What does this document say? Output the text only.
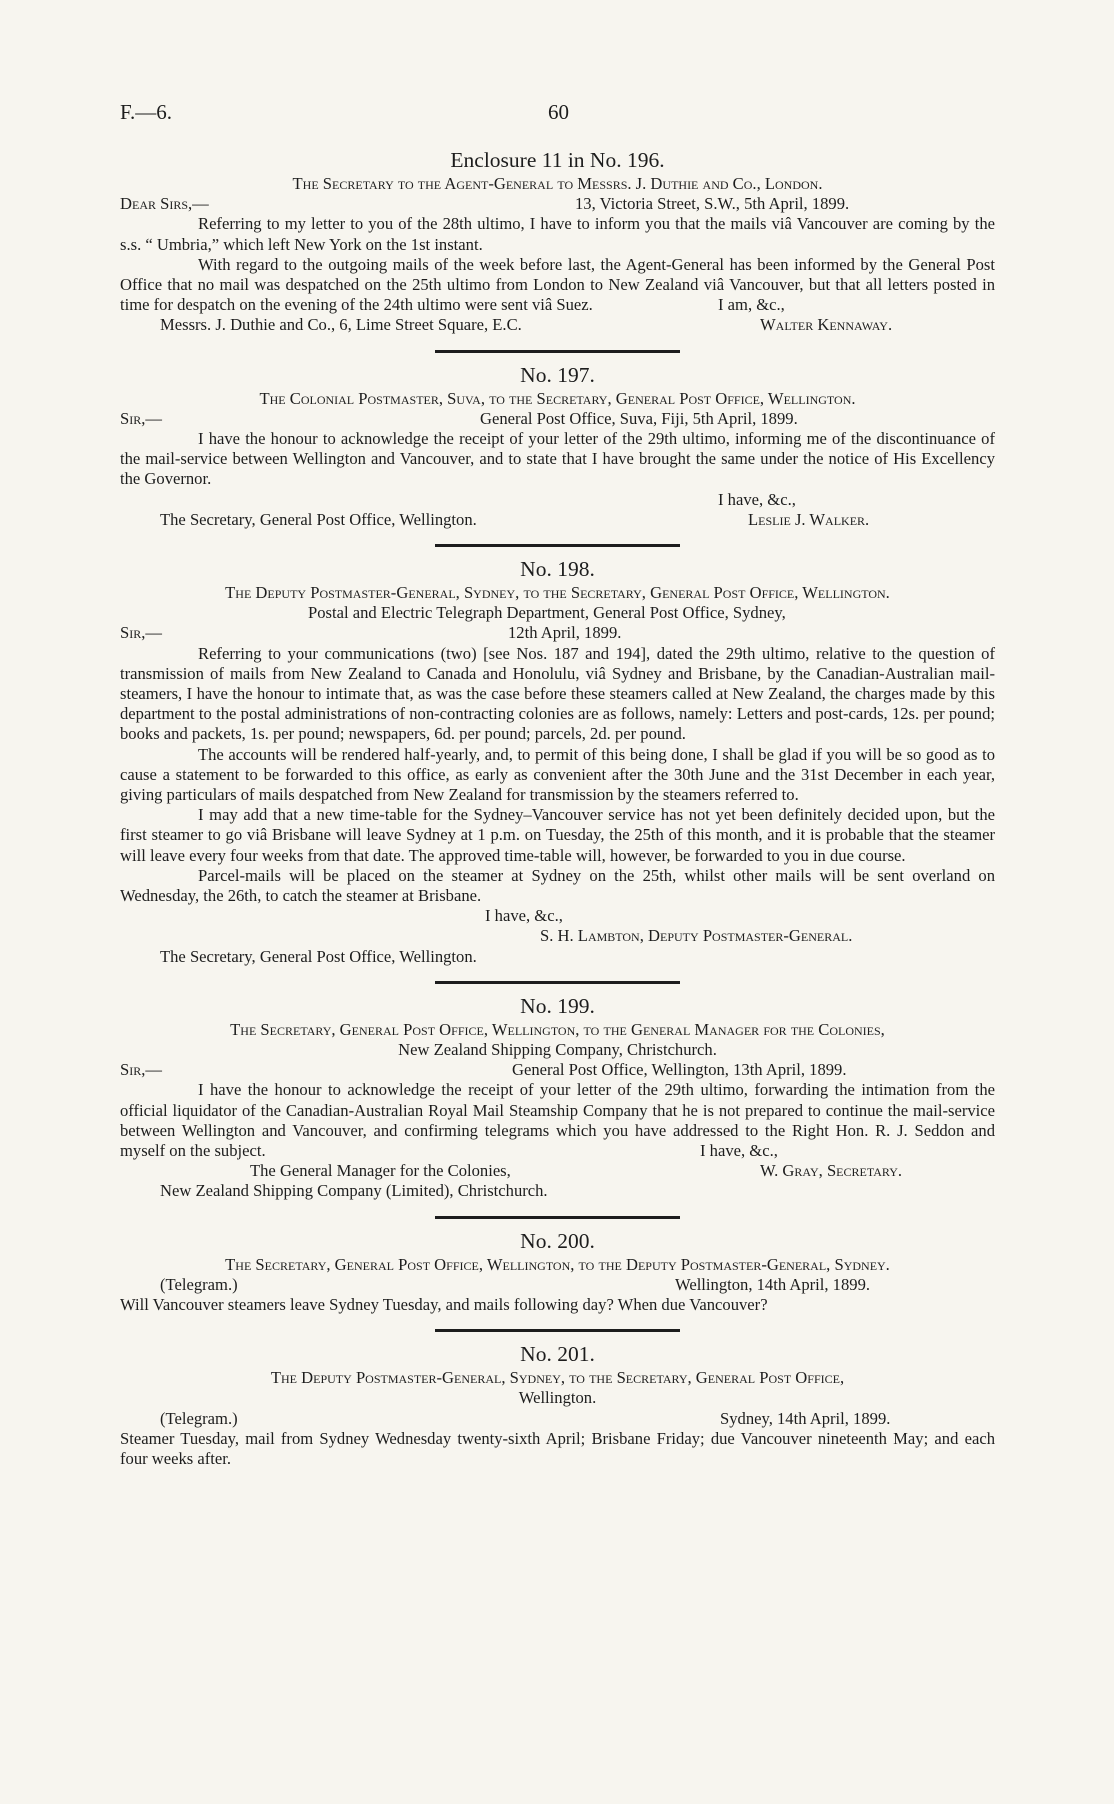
F.—6.	60
Enclosure 11 in No. 196.
The Secretary to the Agent-General to Messrs. J. Duthie and Co., London.
Dear Sirs,—	13, Victoria Street, S.W., 5th April, 1899.
Referring to my letter to you of the 28th ultimo, I have to inform you that the mails viâ Vancouver are coming by the s.s. “ Umbria,” which left New York on the 1st instant.
With regard to the outgoing mails of the week before last, the Agent-General has been informed by the General Post Office that no mail was despatched on the 25th ultimo from London to New Zealand viâ Vancouver, but that all letters posted in time for despatch on the evening of the 24th ultimo were sent viâ Suez.	I am, &c.,
Messrs. J. Duthie and Co., 6, Lime Street Square, E.C.	Walter Kennaway.
No. 197.
The Colonial Postmaster, Suva, to the Secretary, General Post Office, Wellington.
Sir,—	General Post Office, Suva, Fiji, 5th April, 1899.
I have the honour to acknowledge the receipt of your letter of the 29th ultimo, informing me of the discontinuance of the mail-service between Wellington and Vancouver, and to state that I have brought the same under the notice of His Excellency the Governor.
I have, &c.,
The Secretary, General Post Office, Wellington.	Leslie J. Walker.
No. 198.
The Deputy Postmaster-General, Sydney, to the Secretary, General Post Office, Wellington.
Postal and Electric Telegraph Department, General Post Office, Sydney,
Sir,—	12th April, 1899.
Referring to your communications (two) [see Nos. 187 and 194], dated the 29th ultimo, relative to the question of transmission of mails from New Zealand to Canada and Honolulu, viâ Sydney and Brisbane, by the Canadian-Australian mail-steamers, I have the honour to intimate that, as was the case before these steamers called at New Zealand, the charges made by this department to the postal administrations of non-contracting colonies are as follows, namely: Letters and post-cards, 12s. per pound; books and packets, 1s. per pound; newspapers, 6d. per pound; parcels, 2d. per pound.
The accounts will be rendered half-yearly, and, to permit of this being done, I shall be glad if you will be so good as to cause a statement to be forwarded to this office, as early as convenient after the 30th June and the 31st December in each year, giving particulars of mails despatched from New Zealand for transmission by the steamers referred to.
I may add that a new time-table for the Sydney–Vancouver service has not yet been definitely decided upon, but the first steamer to go viâ Brisbane will leave Sydney at 1 p.m. on Tuesday, the 25th of this month, and it is probable that the steamer will leave every four weeks from that date. The approved time-table will, however, be forwarded to you in due course.
Parcel-mails will be placed on the steamer at Sydney on the 25th, whilst other mails will be sent overland on Wednesday, the 26th, to catch the steamer at Brisbane.
I have, &c.,
S. H. Lambton, Deputy Postmaster-General.
The Secretary, General Post Office, Wellington.
No. 199.
The Secretary, General Post Office, Wellington, to the General Manager for the Colonies,
New Zealand Shipping Company, Christchurch.
Sir,—	General Post Office, Wellington, 13th April, 1899.
I have the honour to acknowledge the receipt of your letter of the 29th ultimo, forwarding the intimation from the official liquidator of the Canadian-Australian Royal Mail Steamship Company that he is not prepared to continue the mail-service between Wellington and Vancouver, and confirming telegrams which you have addressed to the Right Hon. R. J. Seddon and myself on the subject.	I have, &c.,
The General Manager for the Colonies,	W. Gray, Secretary.
New Zealand Shipping Company (Limited), Christchurch.
No. 200.
The Secretary, General Post Office, Wellington, to the Deputy Postmaster-General, Sydney.
(Telegram.)	Wellington, 14th April, 1899.
Will Vancouver steamers leave Sydney Tuesday, and mails following day? When due Vancouver?
No. 201.
The Deputy Postmaster-General, Sydney, to the Secretary, General Post Office,
Wellington.
(Telegram.)	Sydney, 14th April, 1899.
Steamer Tuesday, mail from Sydney Wednesday twenty-sixth April; Brisbane Friday; due Vancouver nineteenth May; and each four weeks after.
